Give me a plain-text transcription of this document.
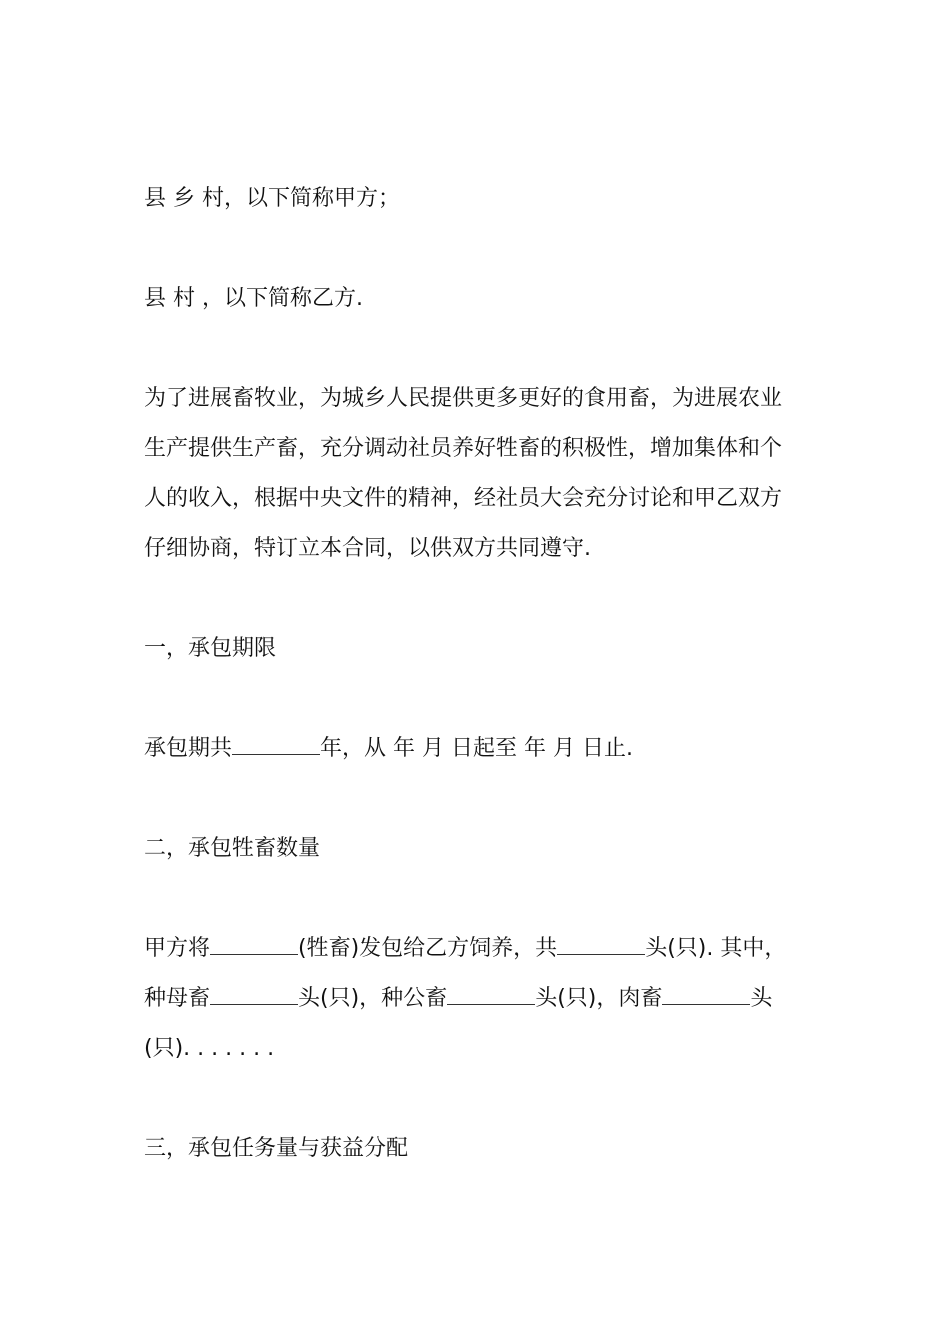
县 乡 村，以下简称甲方；

县 村 ，以下简称乙方.

为了进展畜牧业，为城乡人民提供更多更好的食用畜，为进展农业
生产提供生产畜，充分调动社员养好牲畜的积极性，增加集体和个
人的收入，根据中央文件的精神，经社员大会充分讨论和甲乙双方
仔细协商，特订立本合同，以供双方共同遵守.

一，承包期限

承包期共	年，从 年 月 日起至 年 月 日止.

二，承包牲畜数量

甲方将	(牲畜)发包给乙方饲养，共	头(只). 其中，
种母畜	头(只)，种公畜	头(只)，肉畜	头
(只). . . . . . .

三，承包任务量与获益分配
